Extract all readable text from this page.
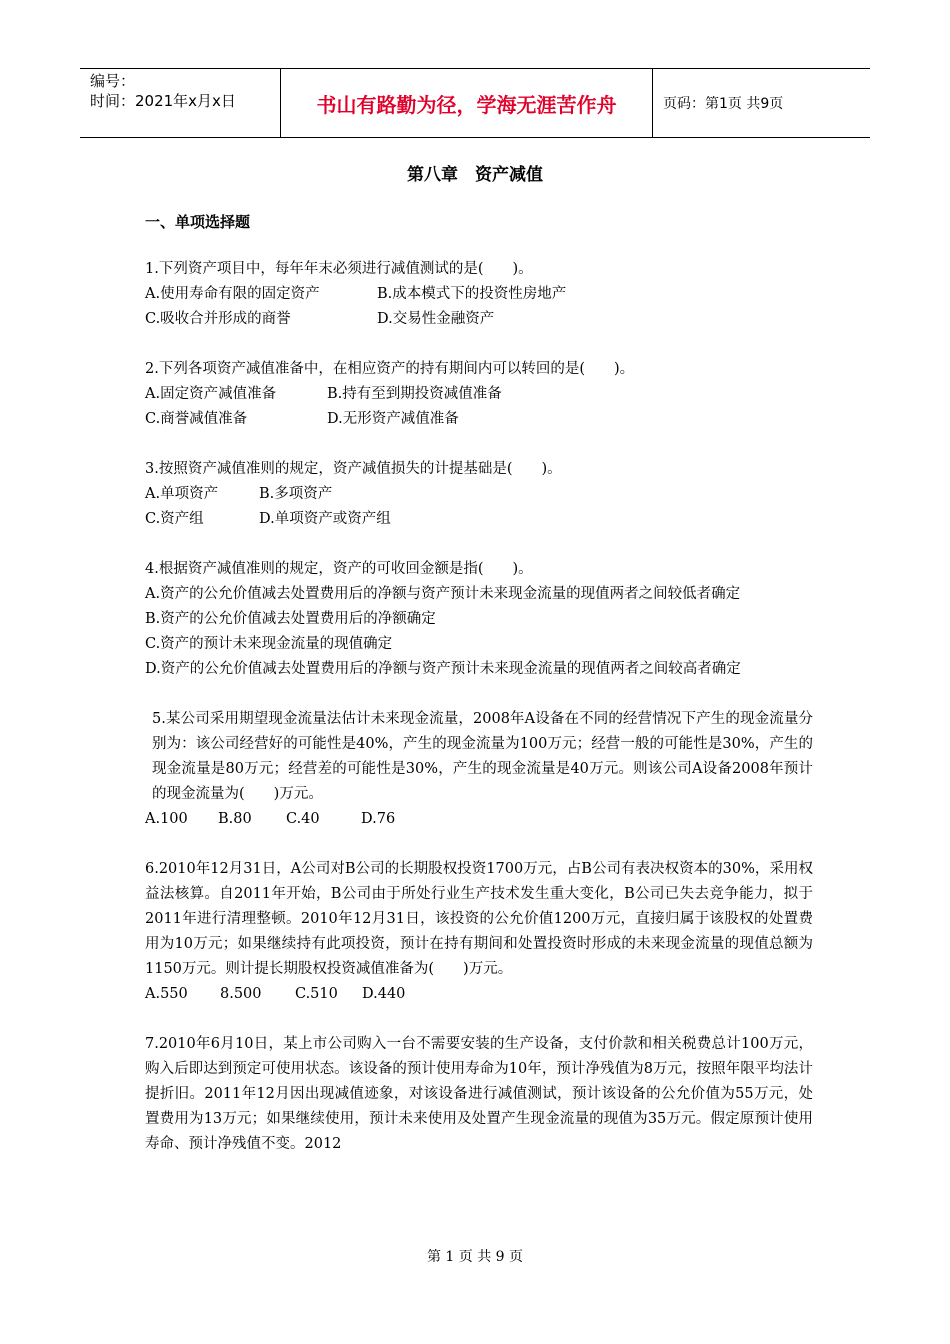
编号：
时间：2021年x月x日	书山有路勤为径，学海无涯苦作舟	页码：第1页 共9页
第八章　资产减值
一、单项选择题

1.下列资产项目中，每年年末必须进行减值测试的是(　　)。

A.使用寿命有限的固定资产	B.成本模式下的投资性房地产
C.吸收合并形成的商誉	D.交易性金融资产

2.下列各项资产减值准备中，在相应资产的持有期间内可以转回的是(　　)。

A.固定资产减值准备	B.持有至到期投资减值准备
C.商誉减值准备	D.无形资产减值准备

3.按照资产减值准则的规定，资产减值损失的计提基础是(　　)。

A.单项资产	B.多项资产
C.资产组	D.单项资产或资产组

4.根据资产减值准则的规定，资产的可收回金额是指(　　)。

A.资产的公允价值减去处置费用后的净额与资产预计未来现金流量的现值两者之间较低者确定

B.资产的公允价值减去处置费用后的净额确定

C.资产的预计未来现金流量的现值确定

D.资产的公允价值减去处置费用后的净额与资产预计未来现金流量的现值两者之间较高者确定

5.某公司采用期望现金流量法估计未来现金流量，2008年A设备在不同的经营情况下产生的现金流量分别为：该公司经营好的可能性是40%，产生的现金流量为100万元；经营一般的可能性是30%，产生的现金流量是80万元；经营差的可能性是30%，产生的现金流量是40万元。则该公司A设备2008年预计的现金流量为(　　)万元。

A.100	B.80	C.40	D.76

6.2010年12月31日，A公司对B公司的长期股权投资1700万元，占B公司有表决权资本的30%，采用权益法核算。自2011年开始，B公司由于所处行业生产技术发生重大变化，B公司已失去竞争能力，拟于2011年进行清理整顿。2010年12月31日，该投资的公允价值1200万元，直接归属于该股权的处置费用为10万元；如果继续持有此项投资，预计在持有期间和处置投资时形成的未来现金流量的现值总额为1150万元。则计提长期股权投资减值准备为(　　)万元。

A.550	8.500	C.510	D.440

7.2010年6月10日，某上市公司购入一台不需要安装的生产设备，支付价款和相关税费总计100万元，购入后即达到预定可使用状态。该设备的预计使用寿命为10年，预计净残值为8万元，按照年限平均法计提折旧。2011年12月因出现减值迹象，对该设备进行减值测试，预计该设备的公允价值为55万元，处置费用为13万元；如果继续使用，预计未来使用及处置产生现金流量的现值为35万元。假定原预计使用寿命、预计净残值不变。2012

第 1 页 共 9 页
